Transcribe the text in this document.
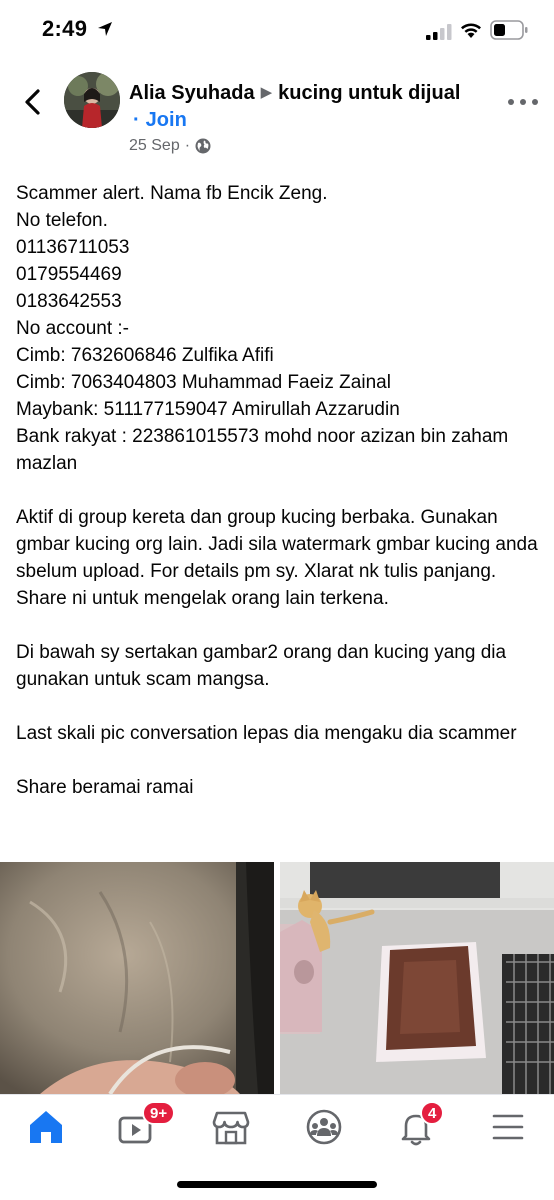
2:49
Alia Syuhada ▶ kucing untuk dijual
· Join
25 Sep ·

Scammer alert. Nama fb Encik Zeng.

No telefon.

01136711053

0179554469

0183642553

No account :-

Cimb: 7632606846 Zulfika Afifi

Cimb: 7063404803 Muhammad Faeiz Zainal

Maybank: 511177159047 Amirullah Azzarudin

Bank rakyat : 223861015573 mohd noor azizan bin zaham mazlan

Aktif di group kereta dan group kucing berbaka. Gunakan gmbar kucing org lain. Jadi sila watermark gmbar kucing anda sbelum upload. For details pm sy. Xlarat nk tulis panjang. Share ni untuk mengelak orang lain terkena.

Di bawah sy sertakan gambar2 orang dan kucing yang dia gunakan untuk scam mangsa.

Last skali pic conversation lepas dia mengaku dia scammer

Share beramai ramai

9+	4
